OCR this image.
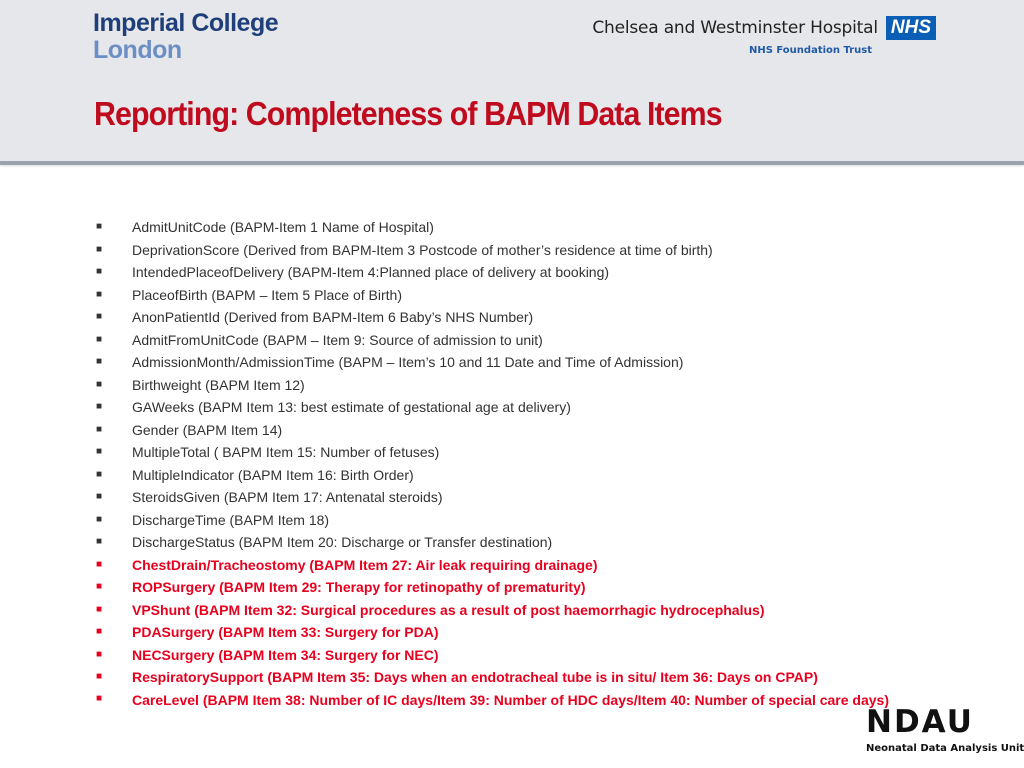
Imperial College
London
Chelsea and Westminster Hospital NHS
NHS Foundation Trust
Reporting: Completeness of BAPM Data Items
■ AdmitUnitCode (BAPM-Item 1 Name of Hospital)
■ DeprivationScore (Derived from BAPM-Item 3 Postcode of mother’s residence at time of birth)
■ IntendedPlaceofDelivery (BAPM-Item 4:Planned place of delivery at booking)
■ PlaceofBirth (BAPM – Item 5 Place of Birth)
■ AnonPatientId (Derived from BAPM-Item 6 Baby’s NHS Number)
■ AdmitFromUnitCode (BAPM – Item 9: Source of admission to unit)
■ AdmissionMonth/AdmissionTime (BAPM – Item’s 10 and 11 Date and Time of Admission)
■ Birthweight (BAPM Item 12)
■ GAWeeks (BAPM Item 13: best estimate of gestational age at delivery)
■ Gender (BAPM Item 14)
■ MultipleTotal ( BAPM Item 15: Number of fetuses)
■ MultipleIndicator (BAPM Item 16: Birth Order)
■ SteroidsGiven (BAPM Item 17: Antenatal steroids)
■ DischargeTime (BAPM Item 18)
■ DischargeStatus (BAPM Item 20: Discharge or Transfer destination)
■ ChestDrain/Tracheostomy (BAPM Item 27: Air leak requiring drainage)
■ ROPSurgery (BAPM Item 29: Therapy for retinopathy of prematurity)
■ VPShunt (BAPM Item 32: Surgical procedures as a result of post haemorrhagic hydrocephalus)
■ PDASurgery (BAPM Item 33: Surgery for PDA)
■ NECSurgery (BAPM Item 34: Surgery for NEC)
■ RespiratorySupport (BAPM Item 35: Days when an endotracheal tube is in situ/ Item 36: Days on CPAP)
■ CareLevel (BAPM Item 38: Number of IC days/Item 39: Number of HDC days/Item 40: Number of special care days)
NDAU
Neonatal Data Analysis Unit
